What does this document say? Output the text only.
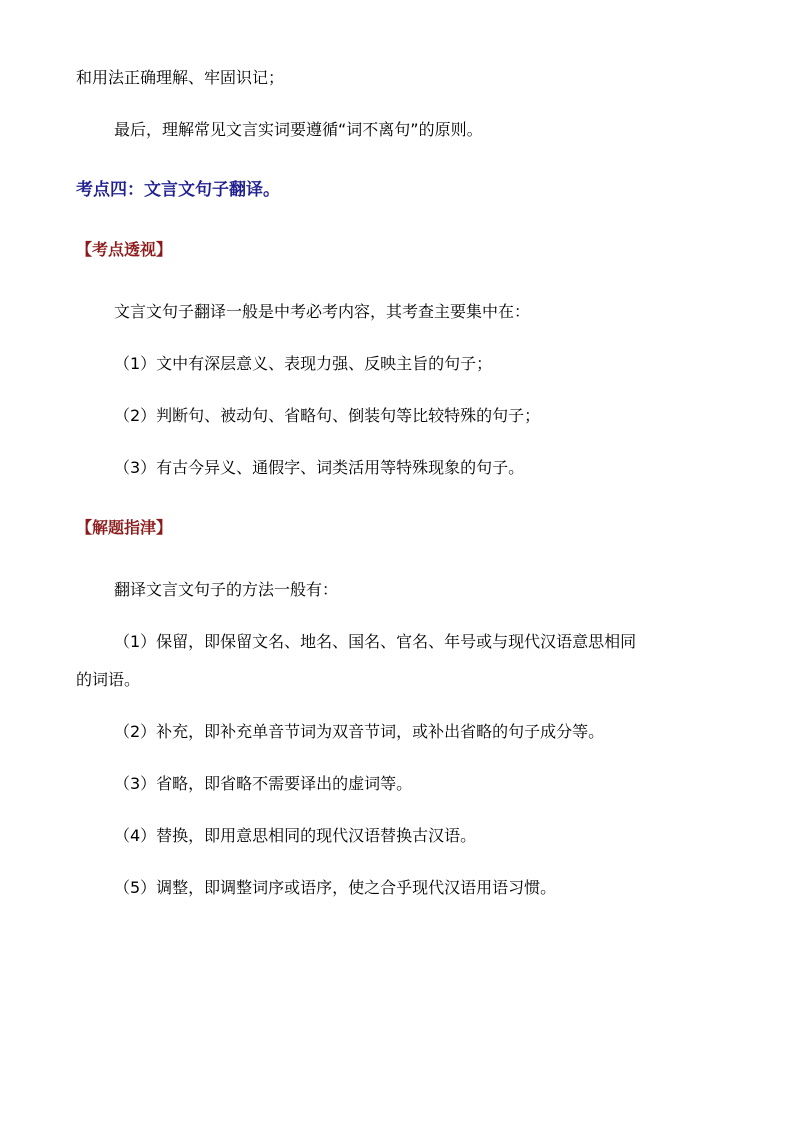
和用法正确理解、牢固识记；
最后，理解常见文言实词要遵循“词不离句”的原则。
考点四：文言文句子翻译。
【考点透视】
文言文句子翻译一般是中考必考内容，其考查主要集中在：
（1）文中有深层意义、表现力强、反映主旨的句子；
（2）判断句、被动句、省略句、倒装句等比较特殊的句子；
（3）有古今异义、通假字、词类活用等特殊现象的句子。
【解题指津】
翻译文言文句子的方法一般有：
（1）保留，即保留文名、地名、国名、官名、年号或与现代汉语意思相同
的词语。
（2）补充，即补充单音节词为双音节词，或补出省略的句子成分等。
（3）省略，即省略不需要译出的虚词等。
（4）替换，即用意思相同的现代汉语替换古汉语。
（5）调整，即调整词序或语序，使之合乎现代汉语用语习惯。
